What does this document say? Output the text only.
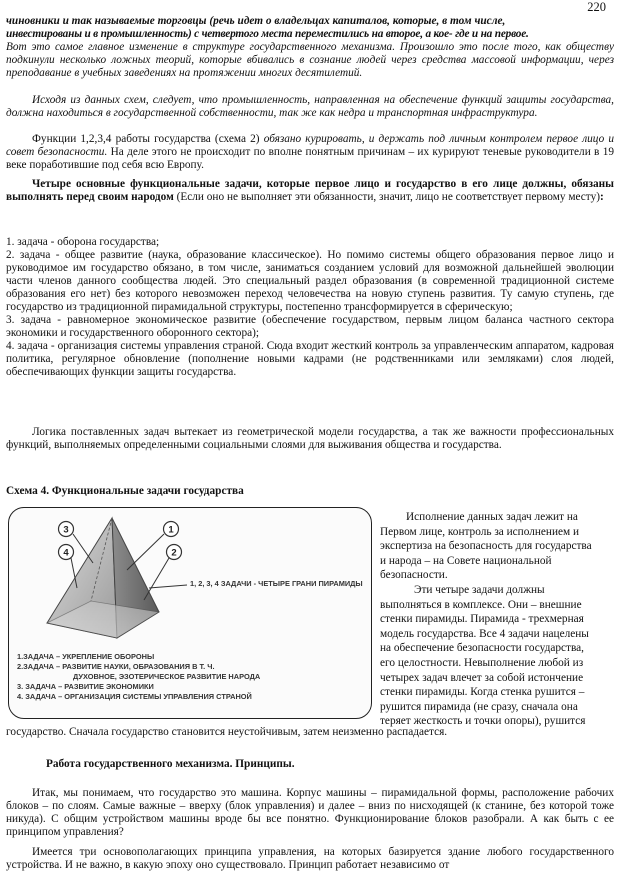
220

чиновники и так называемые торговцы (речь идет о владельцах капиталов, которые, в том числе,

инвестированы и в промышленность) с четвертого места переместились на второе, а кое- где и на первое.

Вот это самое главное изменение в структуре государственного механизма. Произошло это после того, как обществу подкинули несколько ложных теорий, которые вбивались в сознание людей через средства массовой информации, через преподавание в учебных заведениях на протяжении многих десятилетий.

Исходя из данных схем, следует, что промышленность, направленная на обеспечение функций защиты государства, должна находиться в государственной собственности, так же как недра и транспортная инфраструктура.

Функции 1,2,3,4 работы государства (схема 2) обязано курировать, и держать под личным контролем первое лицо и совет безопасности. На деле этого не происходит по вполне понятным причинам – их курируют теневые руководители в 19 веке поработившие под себя всю Европу.

Четыре основные функциональные задачи, которые первое лицо и государство в его лице должны, обязаны выполнять перед своим народом (Если оно не выполняет эти обязанности, значит, лицо не соответствует первому месту):

1. задача - оборона государства;

2. задача - общее развитие (наука, образование классическое). Но помимо системы общего образования первое лицо и руководимое им государство обязано, в том числе, заниматься созданием условий для возможной дальнейшей эволюции части членов данного сообщества людей. Это специальный раздел образования (в современной традиционной системе образования его нет) без которого невозможен переход человечества на новую ступень развития. Ту самую ступень, где государство из традиционной пирамидальной структуры, постепенно трансформируется в сферическую;

3. задача - равномерное экономическое развитие (обеспечение государством, первым лицом баланса частного сектора экономики и государственного оборонного сектора);

4. задача - организация системы управления страной. Сюда входит жесткий контроль за управленческим аппаратом, кадровая политика, регулярное обновление (пополнение новыми кадрами (не родственниками или земляками) слоя людей, обеспечивающих функции защиты государства.

Логика поставленных задач вытекает из геометрической модели государства, а так же важности профессиональных функций, выполняемых определенными социальными слоями для выживания общества и государства.

Схема 4. Функциональные задачи государства

3	1
4	2
1, 2, 3, 4 ЗАДАЧИ - ЧЕТЫРЕ ГРАНИ ПИРАМИДЫ
1.ЗАДАЧА – УКРЕПЛЕНИЕ ОБОРОНЫ
2.ЗАДАЧА – РАЗВИТИЕ НАУКИ, ОБРАЗОВАНИЯ В Т. Ч.
ДУХОВНОЕ, ЭЗОТЕРИЧЕСКОЕ РАЗВИТИЕ НАРОДА
3. ЗАДАЧА – РАЗВИТИЕ ЭКОНОМИКИ
4. ЗАДАЧА – ОРГАНИЗАЦИЯ СИСТЕМЫ УПРАВЛЕНИЯ СТРАНОЙ
Исполнение данных задач лежит на
Первом лице, контроль за исполнением и
экспертиза на безопасность для государства
и народа – на Совете национальной
безопасности.
Эти четыре задачи должны
выполняться в комплексе. Они – внешние
стенки пирамиды. Пирамида - трехмерная
модель государства. Все 4 задачи нацелены
на обеспечение безопасности государства,
его целостности. Невыполнение любой из
четырех задач влечет за собой истончение
стенки пирамиды. Когда стенка рушится –
рушится пирамида (не сразу, сначала она
теряет жесткость и точки опоры), рушится

государство. Сначала государство становится неустойчивым, затем неизменно распадается.

Работа государственного механизма. Принципы.

Итак, мы понимаем, что государство это машина. Корпус машины – пирамидальной формы, расположение рабочих блоков – по слоям. Самые важные – вверху (блок управления) и далее – вниз по нисходящей (к станине, без которой тоже никуда). С общим устройством машины вроде бы все понятно. Функционирование блоков разобрали. А как быть с ее принципом управления?

Имеется три основополагающих принципа управления, на которых базируется здание любого государственного устройства. И не важно, в какую эпоху оно существовало. Принцип работает независимо от
